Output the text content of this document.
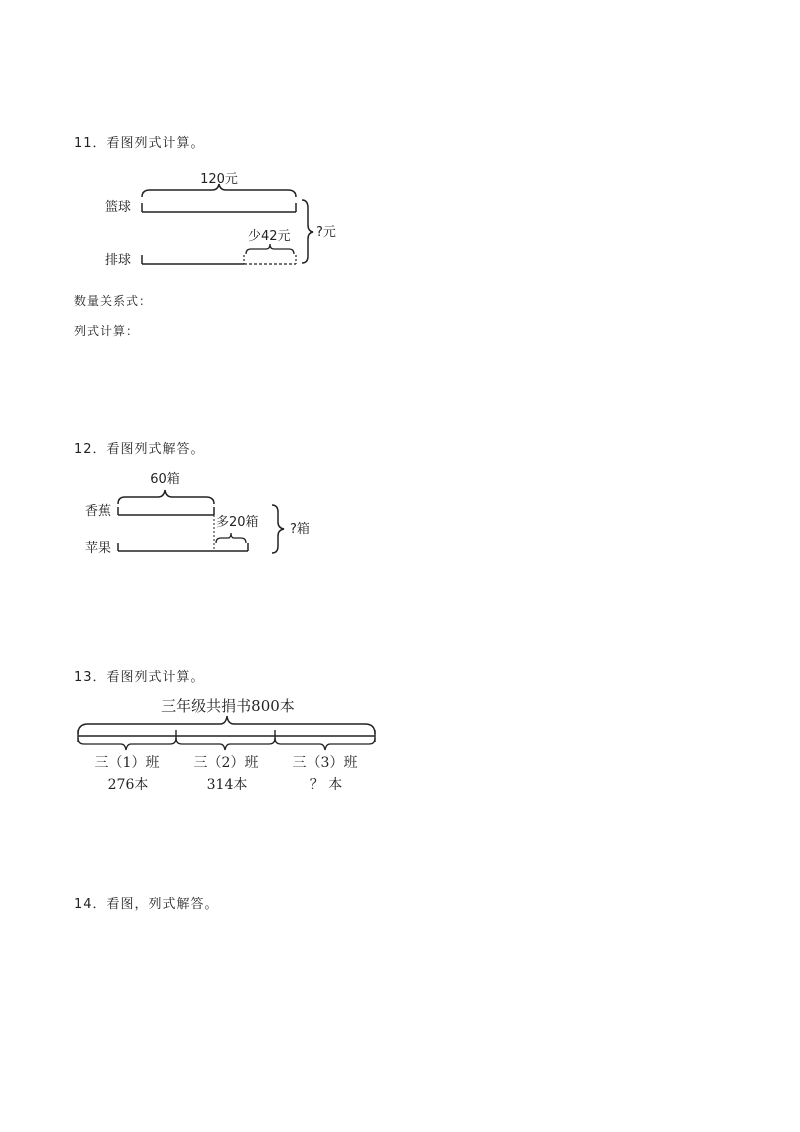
11．看图列式计算。
120元
篮球
排球
少42元 ?元
数量关系式：
列式计算：
12．看图列式解答。
60箱
香蕉
苹果
多20箱 ?箱
13．看图列式计算。
三年级共捐书800本
三（1）班 三（2）班 三（3）班
276本	314本	？ 本
14．看图，列式解答。
